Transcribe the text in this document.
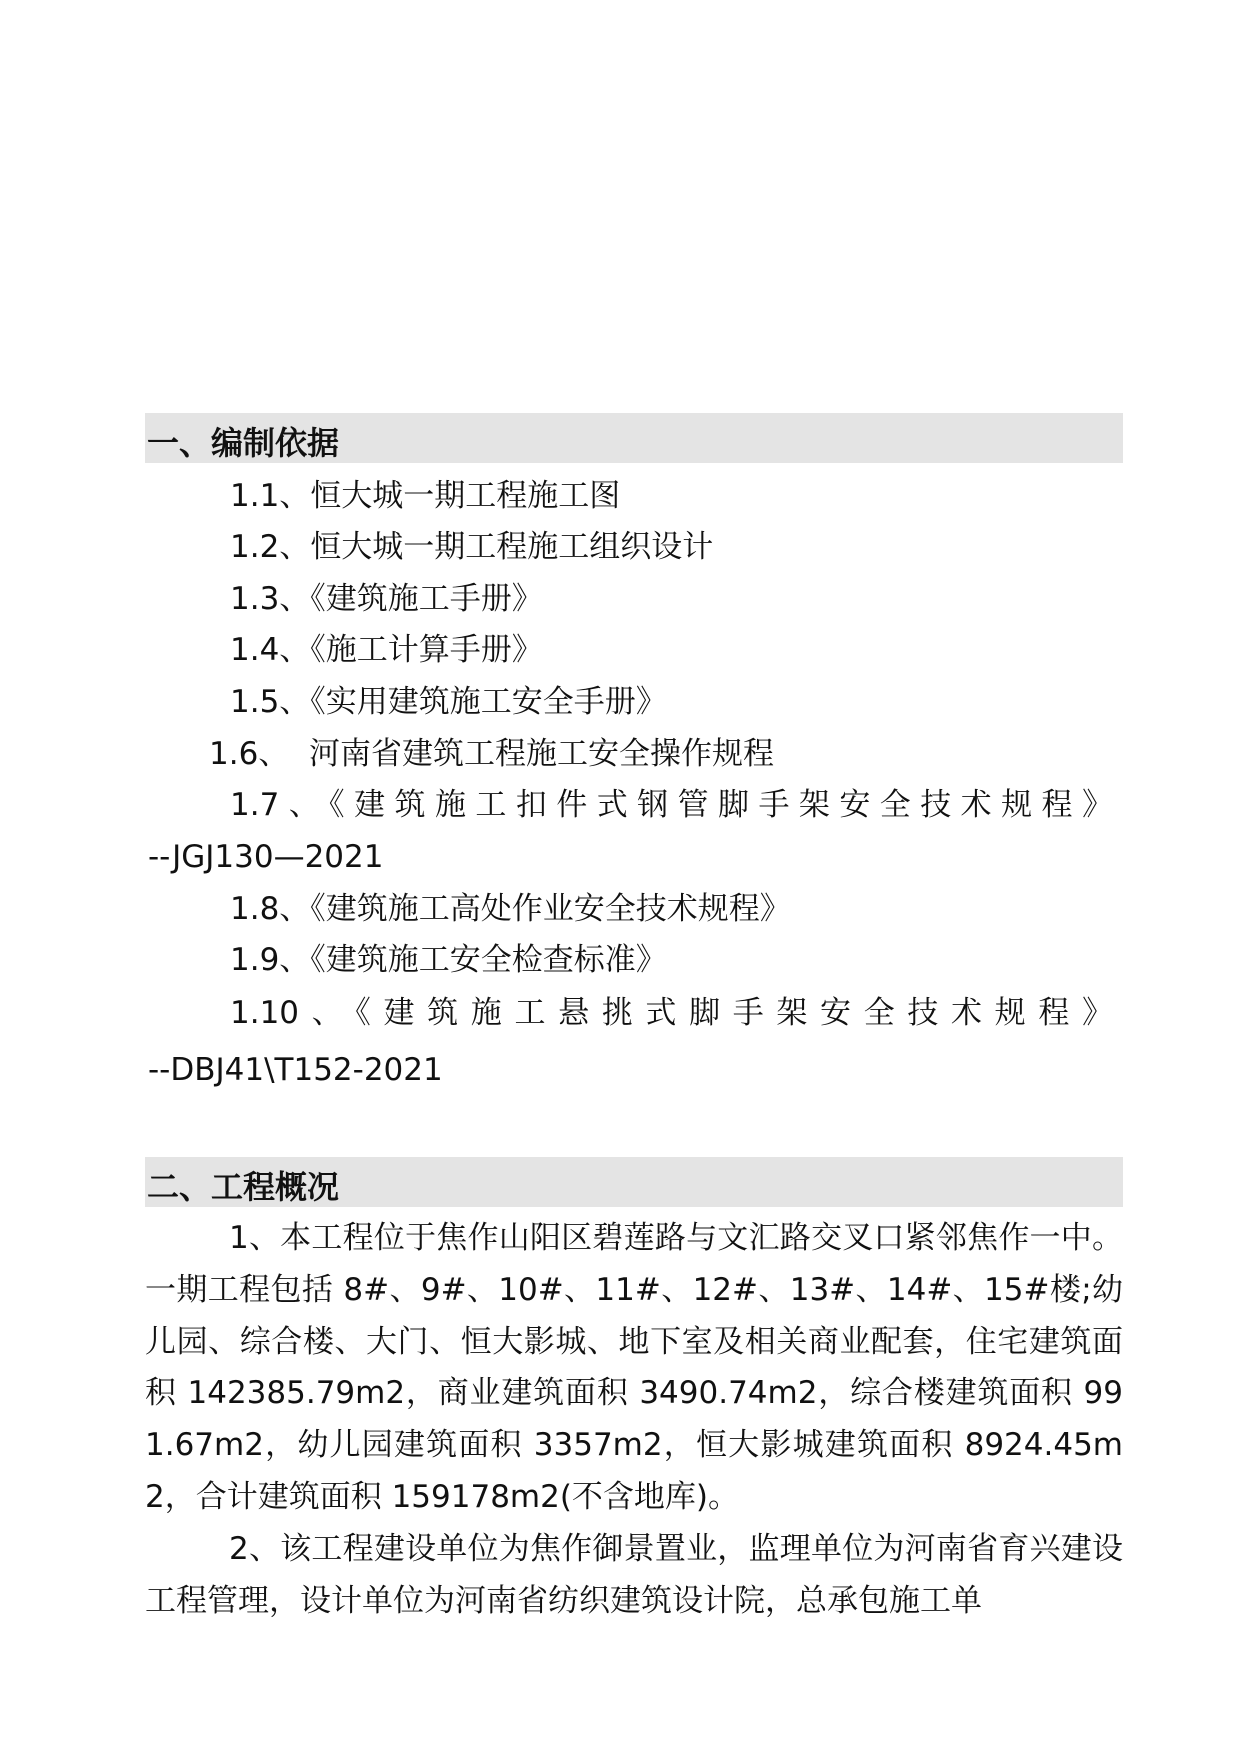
一、编制依据
1.1、恒大城一期工程施工图
1.2、恒大城一期工程施工组织设计
1.3、《建筑施工手册》
1.4、《施工计算手册》
1.5、《实用建筑施工安全手册》
1.6、  河南省建筑工程施工安全操作规程
1.7、《建筑施工扣件式钢管脚手架安全技术规程》
--JGJ130—2021
1.8、《建筑施工高处作业安全技术规程》
1.9、《建筑施工安全检查标准》
1.10、《建筑施工悬挑式脚手架安全技术规程》
--DBJ41\T152-2021
二、工程概况
1、本工程位于焦作山阳区碧莲路与文汇路交叉口紧邻焦作一中。一期工程包括 8#、9#、10#、11#、12#、13#、14#、15#楼;幼儿园、综合楼、大门、恒大影城、地下室及相关商业配套，住宅建筑面积 142385.79m2，商业建筑面积 3490.74m2，综合楼建筑面积 991.67m2，幼儿园建筑面积 3357m2，恒大影城建筑面积 8924.45m2，合计建筑面积 159178m2(不含地库)。
2、该工程建设单位为焦作御景置业，监理单位为河南省育兴建设工程管理，设计单位为河南省纺织建筑设计院，总承包施工单
